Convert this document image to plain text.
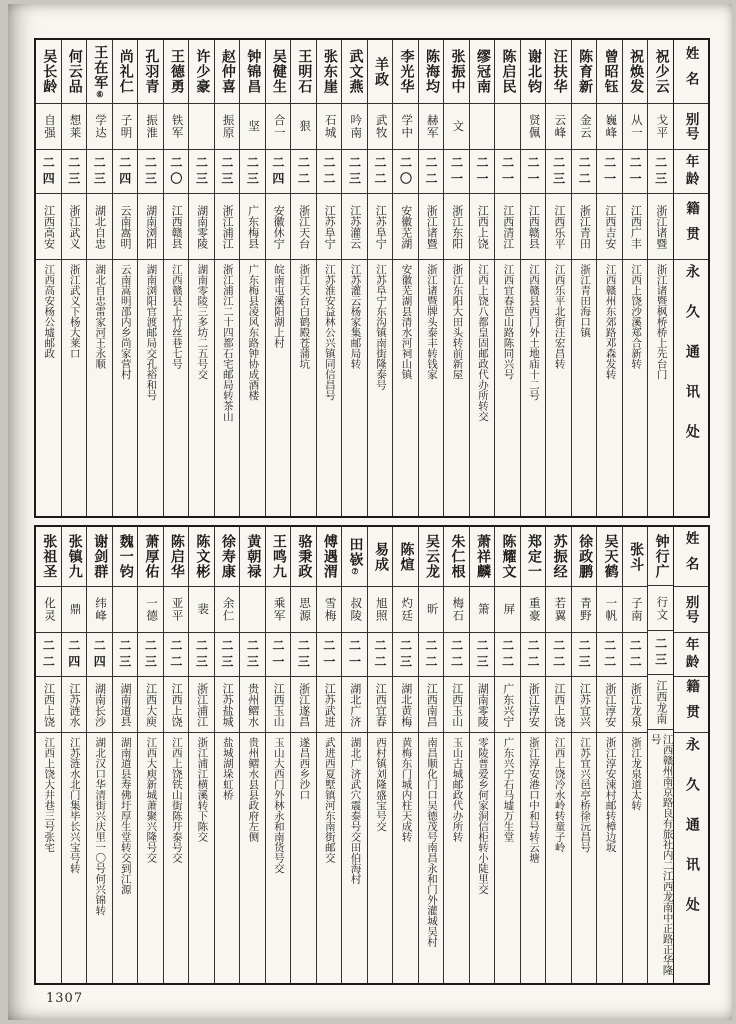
吴长龄
自强
二四
江西高安
江西高安杨公墟邮政
何云品
想莱
二三
浙江武义
浙江武义下杨大莱口
王在军⑥
学达
二三
湖北自忠
湖北自忠雷家河王永顺
尚礼仁
子明
二四
云南嵩明
云南嵩明邵内乡尚家营村
孔羽青
振淮
二三
湖南浏阳
湖南浏阳官渡邮局交孔裕和号
王德勇
铁军
二〇
江西赣县
江西赣县上竹丝巷七号
许少豪
二三
湖南零陵
湖南零陵三多坊二五号交
赵仲喜
振原
二三
浙江浦江
浙江浦江二十四都石宅邮局转茶山
钟锦昌
坚
二三
广东梅县
广东梅县凌风东路钟协成酒楼
吴健生
合一
二四
安徽休宁
皖南屯溪阳湖上村
王明石
狠
二二
浙江天台
浙江天台白鹤殿苍蒲坑
张东崖
石城
二二
江苏阜宁
江苏淮安益林公兴镇同信昌号
武文燕
吟南
二三
江苏灌云
江苏灌云杨家集邮局转
羊政
武牧
二二
江苏阜宁
江苏阜宁东沟镇南街隆泰号
李光华
学中
二〇
安徽芜湖
安徽芜湖县清水河祠山镇
陈海均
赫军
二二
浙江诸暨
浙江诸暨牌头泰丰转钱家
张振中
文
二一
浙江东阳
浙江东阳大田头转前新屋
缪冠南
二一
江西上饶
江西上饶八都皇固邮政代办所转交
陈启民
二一
江西清江
江西宜春芭山路陈同兴号
谢北钧
贤佩
二一
江西赣县
江西赣县西门外土地庙十二号
汪扶华
云峰
二三
江西乐平
江西乐平北街汪宏昌转
陈育新
金云
二二
浙江青田
浙江青田海口镇
曾昭钰
巍峰
二一
江西吉安
江西赣州东郊路邓森发转
祝焕发
从一
二一
江西广丰
江西上饶沙溪郑合新转
祝少云
戈平
二三
浙江诸暨
浙江诸暨枫桥桥上先台门
姓名
别号
年龄
籍贯
永久通讯处
张祖圣
化灵
二二
江西上饶
江西上饶大井巷三号张宅
张镇九
鼎
二四
江苏涟水
江苏涟水北门集毕长兴宝号转
谢剑群
纬峰
二四
湖南长沙
湖北汉口华清街兴庆里一〇号何兴锦转
魏一钧
二三
湖南道县
湖南道县寿佛圩厚生堂转交到江源
萧厚佑
一德
二三
江西大庾
江西大庾新城萧聚兴隆号交
陈启华
亚平
二二
江西上饶
江西上饶铁山街陈开泰号交
陈文彬
裴
二三
浙江浦江
浙江浦江横溪转下陈交
徐寿康
余仁
二三
江苏盐城
盐城湖垛虹桥
黄朝禄
二三
贵州鳛水
贵州鳛水县县政府左侧
王鸣九
乘军
二一
江西玉山
玉山大西门外林永和南货号交
骆秉政
思源
二三
浙江遂昌
遂昌西乡沙口
傅遇渭
雪梅
二一
江苏武进
武进西夏墅镇河东南街邮交
田嵚⑦
叔陵
二一
湖北广济
湖北广济武穴震泰号交田伯海村
易成
旭照
二二
江西宜春
西村镇刘隆盛宝号交
陈煊
灼廷
二三
湖北黄梅
黄梅东门城内柱天成转
吴云龙
昕
二二
江西南昌
南昌顺化门口吴德茂号南昌永和门外灌城吴村
朱仁根
梅石
二二
江西玉山
玉山古城邮政代办所转
萧祥麟
箫
二三
湖南零陵
零陵普爱乡何家洞信柜转小陡里交
陈耀文
屏
二二
广东兴宁
广东兴宁石马墟万生堂
郑定一
重豪
二二
浙江淳安
浙江淳安港口中和号转云塘
苏振经
若翼
二二
江西上饶
江西上饶冷水岭转童子岭
徐政鹏
青野
二三
江苏宜兴
江苏宜兴邑亭桥徐沅昌号
吴天鹤
一帆
二二
浙江淳安
浙江淳安涑村邮转樟边坂
张斗
子南
二二
浙江龙泉
浙江龙泉道太转
钟行广
行文
二三
江西龙南
江西赣州南京路良有旅社内二江西龙南中正路正华隆号
姓名
别号
年龄
籍贯
永久通讯处
1307
